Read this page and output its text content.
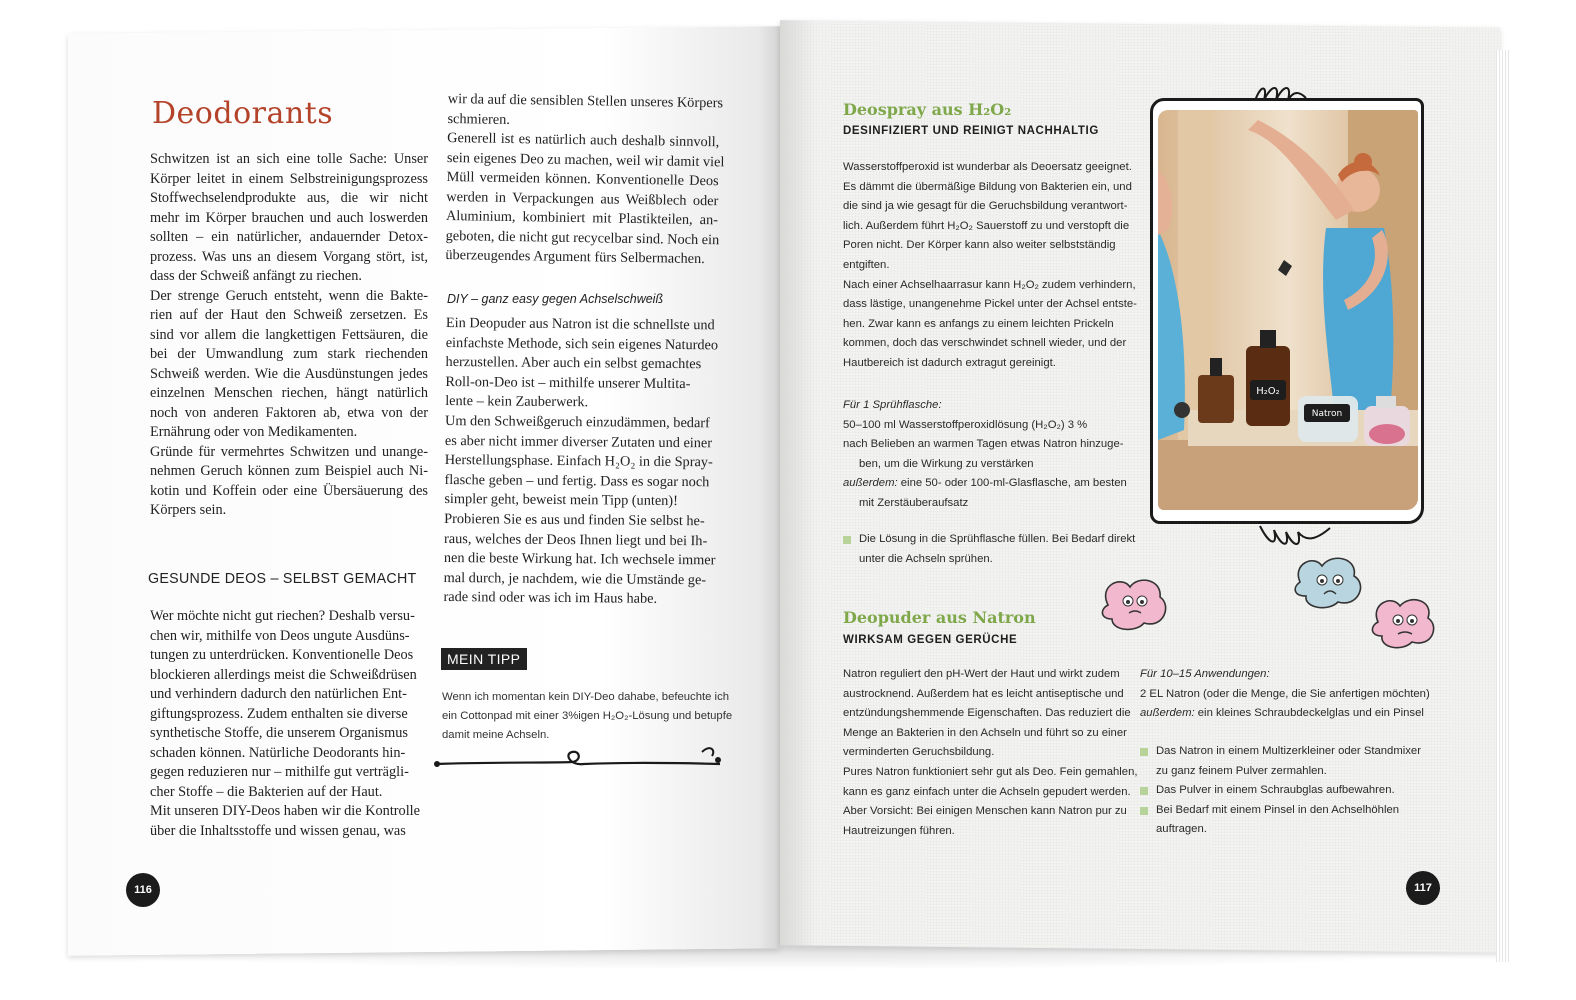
Deodorants
Schwitzen ist an sich eine tolle Sache: Unser
Körper leitet in einem Selbstreinigungsprozess
Stoffwechselendprodukte aus, die wir nicht
mehr im Körper brauchen und auch loswerden
sollten – ein natürlicher, andauernder Detox-
prozess. Was uns an diesem Vorgang stört, ist,
dass der Schweiß anfängt zu riechen.
Der strenge Geruch entsteht, wenn die Bakte-
rien auf der Haut den Schweiß zersetzen. Es
sind vor allem die langkettigen Fettsäuren, die
bei der Umwandlung zum stark riechenden
Schweiß werden. Wie die Ausdünstungen jedes
einzelnen Menschen riechen, hängt natürlich
noch von anderen Faktoren ab, etwa von der
Ernährung oder von Medikamenten.
Gründe für vermehrtes Schwitzen und unange-
nehmen Geruch können zum Beispiel auch Ni-
kotin und Koffein oder eine Übersäuerung des
Körpers sein.
GESUNDE DEOS – SELBST GEMACHT
Wer möchte nicht gut riechen? Deshalb versu-
chen wir, mithilfe von Deos ungute Ausdüns-
tungen zu unterdrücken. Konventionelle Deos
blockieren allerdings meist die Schweißdrüsen
und verhindern dadurch den natürlichen Ent-
giftungsprozess. Zudem enthalten sie diverse
synthetische Stoffe, die unserem Organismus
schaden können. Natürliche Deodorants hin-
gegen reduzieren nur – mithilfe gut verträgli-
cher Stoffe – die Bakterien auf der Haut.
Mit unseren DIY-Deos haben wir die Kontrolle
über die Inhaltsstoffe und wissen genau, was
wir da auf die sensiblen Stellen unseres Körpers
schmieren.
Generell ist es natürlich auch deshalb sinnvoll,
sein eigenes Deo zu machen, weil wir damit viel
Müll vermeiden können. Konventionelle Deos
werden in Verpackungen aus Weißblech oder
Aluminium, kombiniert mit Plastikteilen, an-
geboten, die nicht gut recycelbar sind. Noch ein
überzeugendes Argument fürs Selbermachen.
DIY – ganz easy gegen Achselschweiß
Ein Deopuder aus Natron ist die schnellste und
einfachste Methode, sich sein eigenes Naturdeo
herzustellen. Aber auch ein selbst gemachtes
Roll-on-Deo ist – mithilfe unserer Multita-
lente – kein Zauberwerk.
Um den Schweißgeruch einzudämmen, bedarf
es aber nicht immer diverser Zutaten und einer
Herstellungsphase. Einfach H₂O₂ in die Spray-
flasche geben – und fertig. Dass es sogar noch
simpler geht, beweist mein Tipp (unten)!
Probieren Sie es aus und finden Sie selbst he-
raus, welches der Deos Ihnen liegt und bei Ih-
nen die beste Wirkung hat. Ich wechsele immer
mal durch, je nachdem, wie die Umstände ge-
rade sind oder was ich im Haus habe.
MEIN TIPP
Wenn ich momentan kein DIY-Deo dahabe, befeuchte ich
ein Cottonpad mit einer 3%igen H₂O₂-Lösung und betupfe
damit meine Achseln.
116
Deospray aus H₂O₂
DESINFIZIERT UND REINIGT NACHHALTIG
Wasserstoffperoxid ist wunderbar als Deoersatz geeignet.
Es dämmt die übermäßige Bildung von Bakterien ein, und
die sind ja wie gesagt für die Geruchsbildung verantwort-
lich. Außerdem führt H₂O₂ Sauerstoff zu und verstopft die
Poren nicht. Der Körper kann also weiter selbstständig
entgiften.
Nach einer Achselhaarrasur kann H₂O₂ zudem verhindern,
dass lästige, unangenehme Pickel unter der Achsel entste-
hen. Zwar kann es anfangs zu einem leichten Prickeln
kommen, doch das verschwindet schnell wieder, und der
Hautbereich ist dadurch extragut gereinigt.
Für 1 Sprühflasche:
50–100 ml Wasserstoffperoxidlösung (H₂O₂) 3 %
nach Belieben an warmen Tagen etwas Natron hinzuge-
ben, um die Wirkung zu verstärken
außerdem: eine 50- oder 100-ml-Glasflasche, am besten
mit Zerstäuberaufsatz
Die Lösung in die Sprühflasche füllen. Bei Bedarf direkt
unter die Achseln sprühen.
H₂O₂
Natron
Deopuder aus Natron
WIRKSAM GEGEN GERÜCHE
Natron reguliert den pH-Wert der Haut und wirkt zudem
austrocknend. Außerdem hat es leicht antiseptische und
entzündungshemmende Eigenschaften. Das reduziert die
Menge an Bakterien in den Achseln und führt so zu einer
verminderten Geruchsbildung.
Pures Natron funktioniert sehr gut als Deo. Fein gemahlen,
kann es ganz einfach unter die Achseln gepudert werden.
Aber Vorsicht: Bei einigen Menschen kann Natron pur zu
Hautreizungen führen.
Für 10–15 Anwendungen:
2 EL Natron (oder die Menge, die Sie anfertigen möchten)
außerdem: ein kleines Schraubdeckelglas und ein Pinsel
Das Natron in einem Multizerkleiner oder Standmixer
zu ganz feinem Pulver zermahlen.
Das Pulver in einem Schraubglas aufbewahren.
Bei Bedarf mit einem Pinsel in den Achselhöhlen
auftragen.
117
